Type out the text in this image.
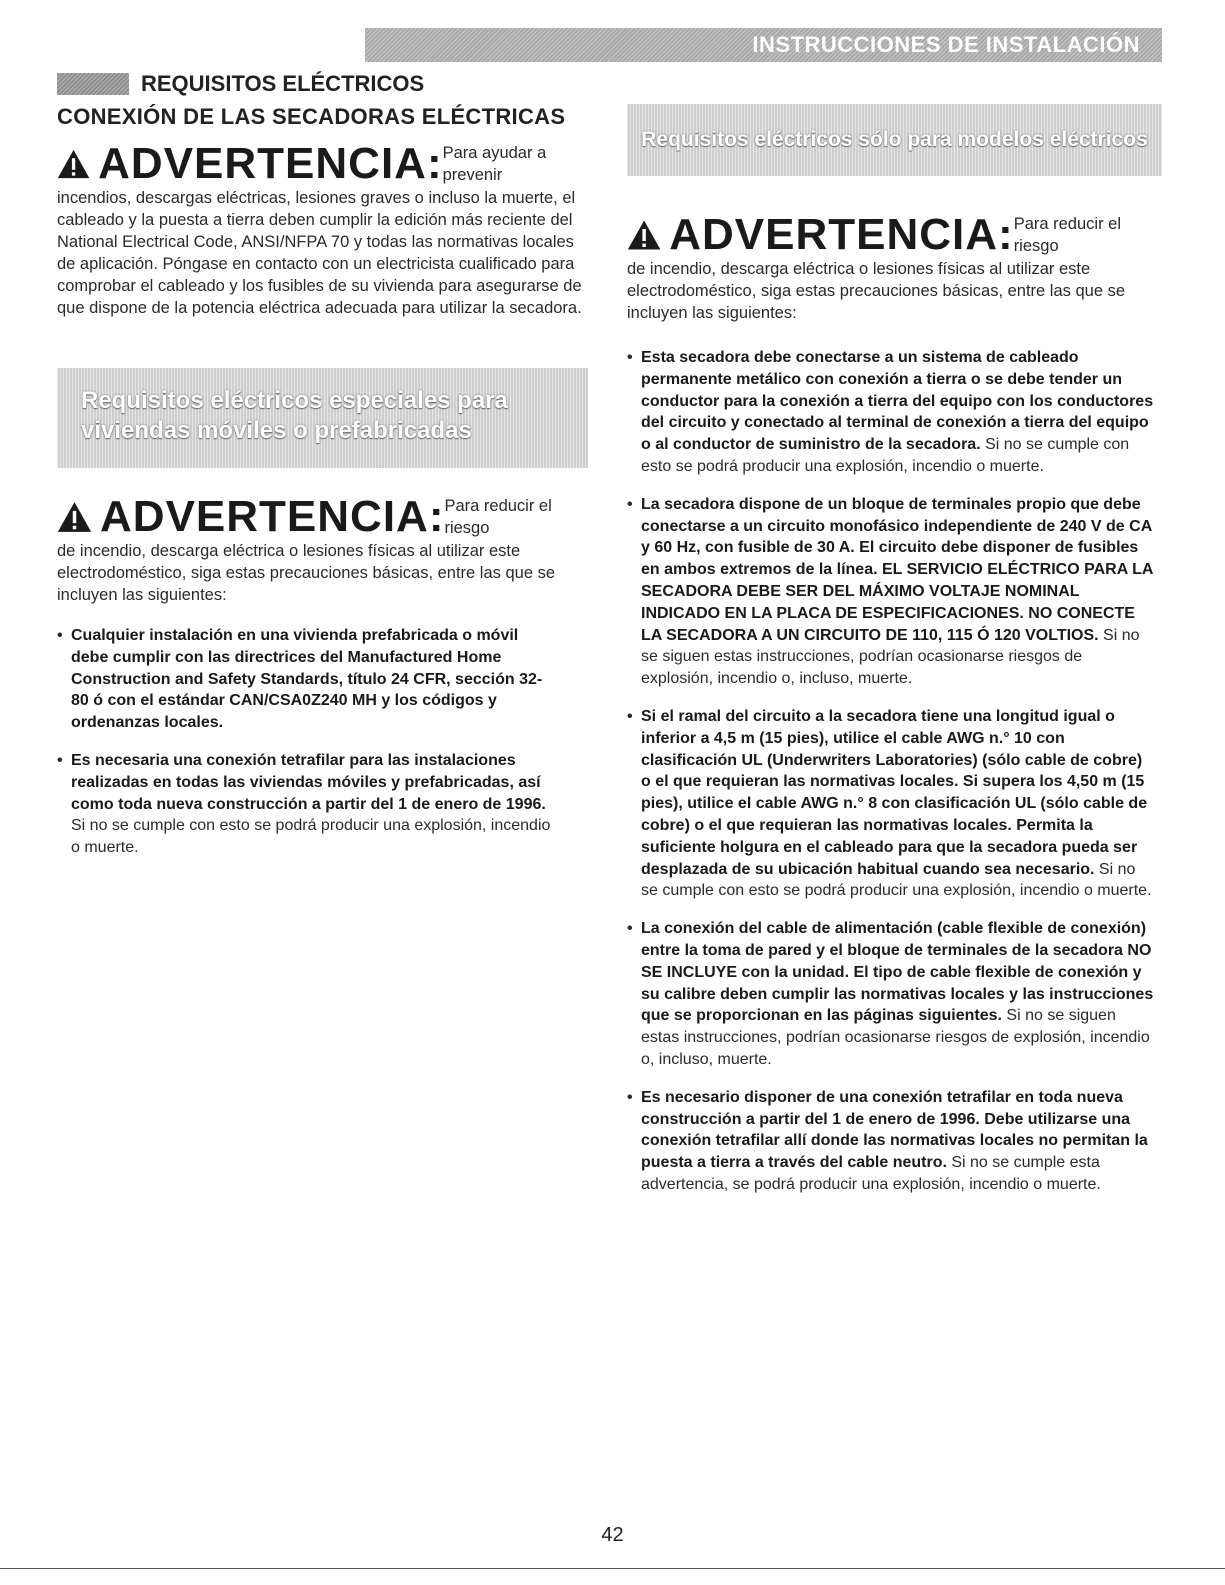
INSTRUCCIONES DE INSTALACIÓN
REQUISITOS ELÉCTRICOS
CONEXIÓN DE LAS SECADORAS ELÉCTRICAS
ADVERTENCIA: Para ayudar a prevenir
incendios, descargas eléctricas, lesiones graves o incluso la muerte, el cableado y la puesta a tierra deben cumplir la edición más reciente del National Electrical Code, ANSI/NFPA 70 y todas las normativas locales de aplicación. Póngase en contacto con un electricista cualificado para comprobar el cableado y los fusibles de su vivienda para asegurarse de que dispone de la potencia eléctrica adecuada para utilizar la secadora.
Requisitos eléctricos especiales para
viviendas móviles o prefabricadas
ADVERTENCIA: Para reducir el riesgo
de incendio, descarga eléctrica o lesiones físicas al utilizar este electrodoméstico, siga estas precauciones básicas, entre las que se incluyen las siguientes:
• Cualquier instalación en una vivienda prefabricada o móvil debe cumplir con las directrices del Manufactured Home Construction and Safety Standards, título 24 CFR, sección 32-80 ó con el estándar CAN/CSA0Z240 MH y los códigos y ordenanzas locales.
• Es necesaria una conexión tetrafilar para las instalaciones realizadas en todas las viviendas móviles y prefabricadas, así como toda nueva construcción a partir del 1 de enero de 1996. Si no se cumple con esto se podrá producir una explosión, incendio o muerte.
Requisitos eléctricos sólo para modelos eléctricos
ADVERTENCIA: Para reducir el riesgo
de incendio, descarga eléctrica o lesiones físicas al utilizar este electrodoméstico, siga estas precauciones básicas, entre las que se incluyen las siguientes:
• Esta secadora debe conectarse a un sistema de cableado permanente metálico con conexión a tierra o se debe tender un conductor para la conexión a tierra del equipo con los conductores del circuito y conectado al terminal de conexión a tierra del equipo o al conductor de suministro de la secadora. Si no se cumple con esto se podrá producir una explosión, incendio o muerte.
• La secadora dispone de un bloque de terminales propio que debe conectarse a un circuito monofásico independiente de 240 V de CA y 60 Hz, con fusible de 30 A. El circuito debe disponer de fusibles en ambos extremos de la línea. EL SERVICIO ELÉCTRICO PARA LA SECADORA DEBE SER DEL MÁXIMO VOLTAJE NOMINAL INDICADO EN LA PLACA DE ESPECIFICACIONES. NO CONECTE LA SECADORA A UN CIRCUITO DE 110, 115 Ó 120 VOLTIOS. Si no se siguen estas instrucciones, podrían ocasionarse riesgos de explosión, incendio o, incluso, muerte.
• Si el ramal del circuito a la secadora tiene una longitud igual o inferior a 4,5 m (15 pies), utilice el cable AWG n.° 10 con clasificación UL (Underwriters Laboratories) (sólo cable de cobre) o el que requieran las normativas locales. Si supera los 4,50 m (15 pies), utilice el cable AWG n.° 8 con clasificación UL (sólo cable de cobre) o el que requieran las normativas locales. Permita la suficiente holgura en el cableado para que la secadora pueda ser desplazada de su ubicación habitual cuando sea necesario. Si no se cumple con esto se podrá producir una explosión, incendio o muerte.
• La conexión del cable de alimentación (cable flexible de conexión) entre la toma de pared y el bloque de terminales de la secadora NO SE INCLUYE con la unidad. El tipo de cable flexible de conexión y su calibre deben cumplir las normativas locales y las instrucciones que se proporcionan en las páginas siguientes. Si no se siguen estas instrucciones, podrían ocasionarse riesgos de explosión, incendio o, incluso, muerte.
• Es necesario disponer de una conexión tetrafilar en toda nueva construcción a partir del 1 de enero de 1996. Debe utilizarse una conexión tetrafilar allí donde las normativas locales no permitan la puesta a tierra a través del cable neutro. Si no se cumple esta advertencia, se podrá producir una explosión, incendio o muerte.
42
